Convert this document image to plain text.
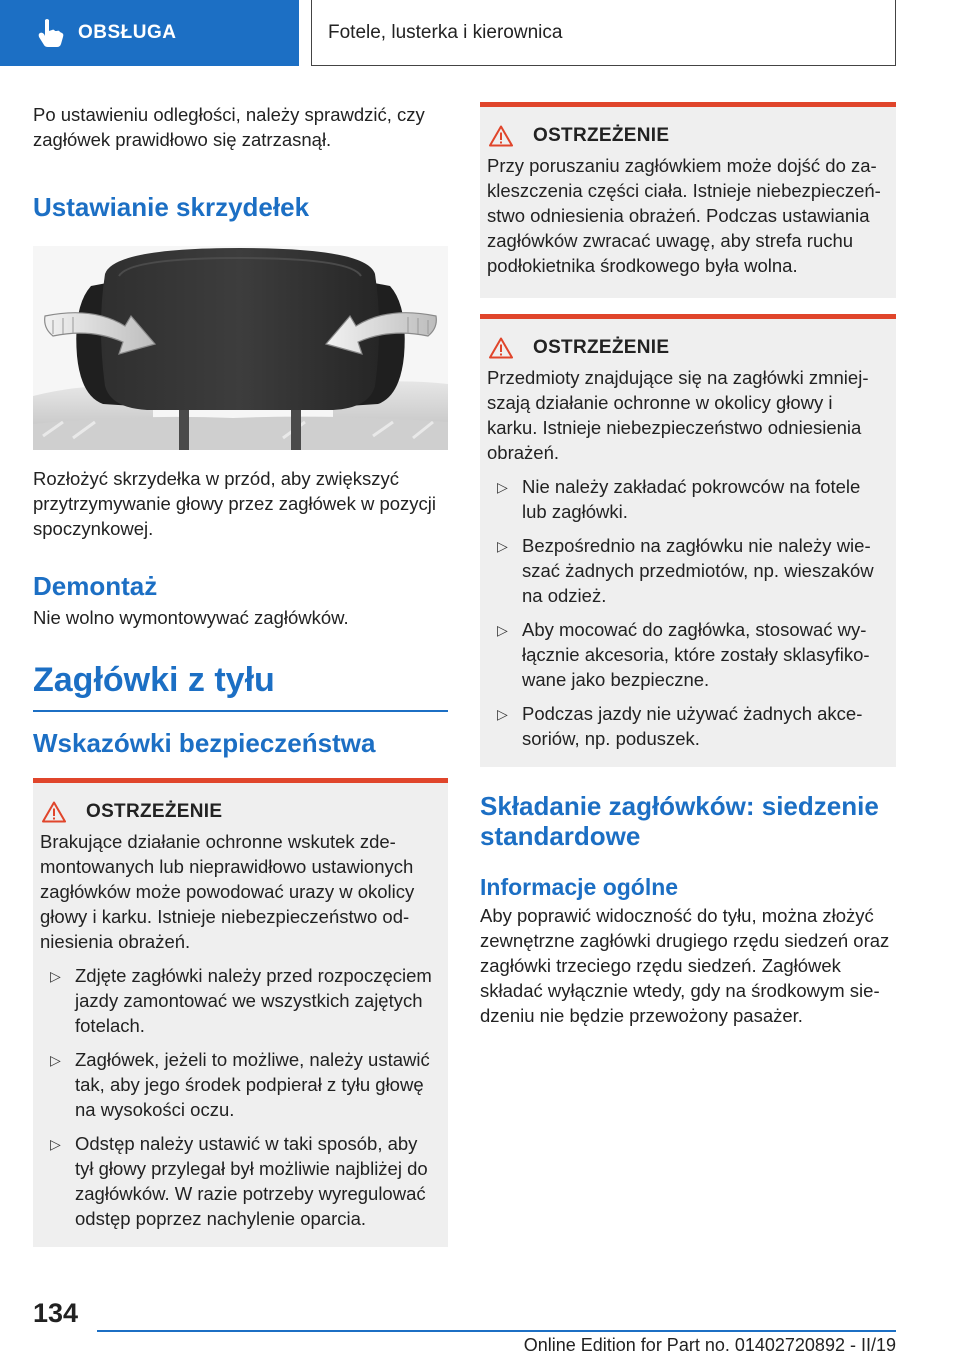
OBSŁUGA	Fotele, lusterka i kierownica

Po ustawieniu odległości, należy sprawdzić, czy zagłówek prawidłowo się zatrzasnął.

Ustawianie skrzydełek

Rozłożyć skrzydełka w przód, aby zwiększyć przytrzymywanie głowy przez zagłówek w pozycji spoczynkowej.

Demontaż

Nie wolno wymontowywać zagłówków.

Zagłówki z tyłu
Wskazówki bezpieczeństwa
OSTRZEŻENIE

Brakujące działanie ochronne wskutek zdemontowanych lub nieprawidłowo ustawionych zagłówków może powodować urazy w okolicy głowy i karku. Istnieje niebezpieczeństwo odniesienia obrażeń.

▷ Zdjęte zagłówki należy przed rozpoczęciem jazdy zamontować we wszystkich zajętych fotelach.
▷ Zagłówek, jeżeli to możliwe, należy ustawić tak, aby jego środek podpierał z tyłu głowę na wysokości oczu.
▷ Odstęp należy ustawić w taki sposób, aby tył głowy przylegał był możliwie najbliżej do zagłówków. W razie potrzeby wyregulować odstęp poprzez nachylenie oparcia.
OSTRZEŻENIE

Przy poruszaniu zagłówkiem może dojść do zakleszczenia części ciała. Istnieje niebezpieczeństwo odniesienia obrażeń. Podczas ustawiania zagłówków zwracać uwagę, aby strefa ruchu podłokietnika środkowego była wolna.

OSTRZEŻENIE

Przedmioty znajdujące się na zagłówki zmniejszają działanie ochronne w okolicy głowy i karku. Istnieje niebezpieczeństwo odniesienia obrażeń.

▷ Nie należy zakładać pokrowców na fotele lub zagłówki.
▷ Bezpośrednio na zagłówku nie należy wieszać żadnych przedmiotów, np. wieszaków na odzież.
▷ Aby mocować do zagłówka, stosować wyłącznie akcesoria, które zostały sklasyfikowane jako bezpieczne.
▷ Podczas jazdy nie używać żadnych akcesoriów, np. poduszek.
Składanie zagłówków: siedzenie standardowe
Informacje ogólne

Aby poprawić widoczność do tyłu, można złożyć zewnętrzne zagłówki drugiego rzędu siedzeń oraz zagłówki trzeciego rzędu siedzeń. Zagłówek składać wyłącznie wtedy, gdy na środkowym siedzeniu nie będzie przewożony pasażer.

134
Online Edition for Part no. 01402720892 - II/19
